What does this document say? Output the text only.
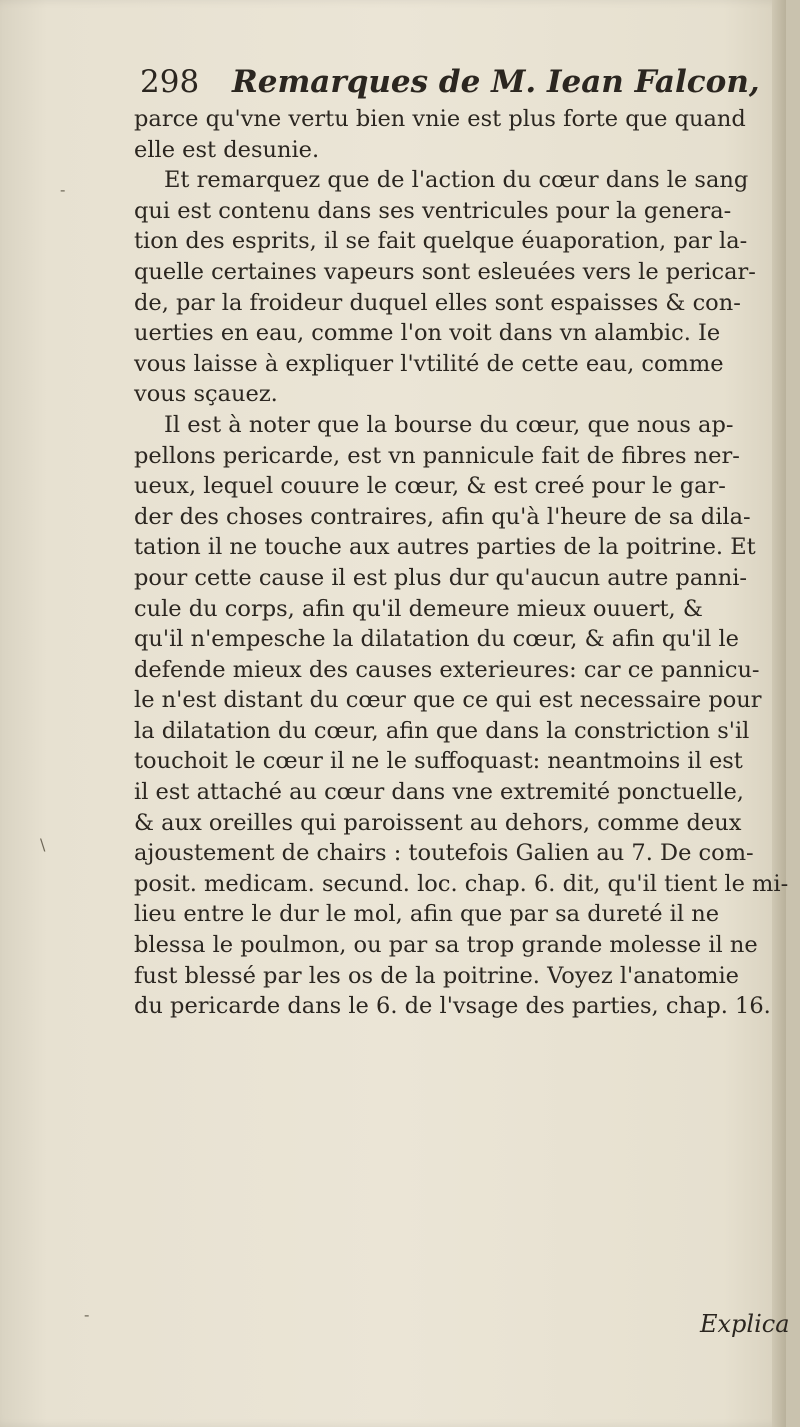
298 Remarques de M. Iean Falcon,
parce qu'vne vertu bien vnie est plus forte que quand
elle est desunie.
Et remarquez que de l'action du cœur dans le sang
qui est contenu dans ses ventricules pour la genera-
tion des esprits, il se fait quelque éuaporation, par la-
quelle certaines vapeurs sont esleuées vers le pericar-
de, par la froideur duquel elles sont espaisses & con-
uerties en eau, comme l'on voit dans vn alambic. Ie
vous laisse à expliquer l'vtilité de cette eau, comme
vous sçauez.
Il est à noter que la bourse du cœur, que nous ap-
pellons pericarde, est vn pannicule fait de fibres ner-
ueux, lequel couure le cœur, & est creé pour le gar-
der des choses contraires, afin qu'à l'heure de sa dila-
tation il ne touche aux autres parties de la poitrine. Et
pour cette cause il est plus dur qu'aucun autre panni-
cule du corps, afin qu'il demeure mieux ouuert, &
qu'il n'empesche la dilatation du cœur, & afin qu'il le
defende mieux des causes exterieures: car ce pannicu-
le n'est distant du cœur que ce qui est necessaire pour
la dilatation du cœur, afin que dans la constriction s'il
touchoit le cœur il ne le suffoquast: neantmoins il est
il est attaché au cœur dans vne extremité ponctuelle,
& aux oreilles qui paroissent au dehors, comme deux
ajoustement de chairs : toutefois Galien au 7. De com-
posit. medicam. secund. loc. chap. 6. dit, qu'il tient le mi-
lieu entre le dur le mol, afin que par sa dureté il ne
blessa le poulmon, ou par sa trop grande molesse il ne
fust blessé par les os de la poitrine. Voyez l'anatomie
du pericarde dans le 6. de l'vsage des parties, chap. 16.
Explica
-
\
-
